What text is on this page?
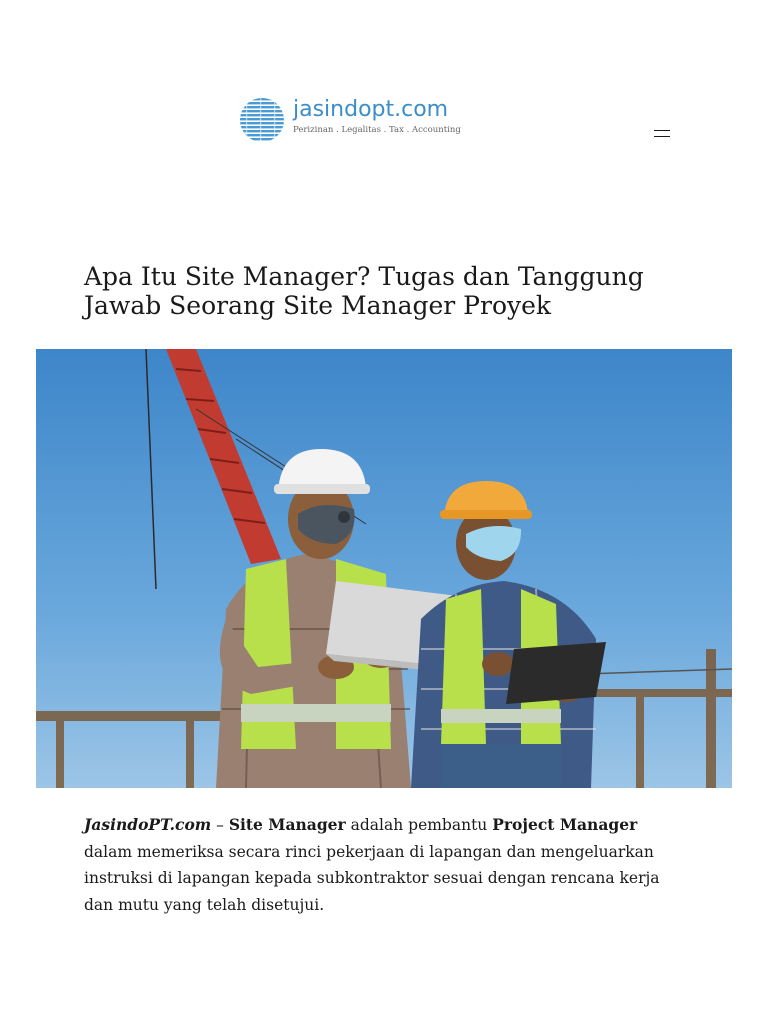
jasindopt.com
Perizinan . Legalitas . Tax . Accounting
Apa Itu Site Manager? Tugas dan Tanggung Jawab Seorang Site Manager Proyek

JasindoPT.com – Site Manager adalah pembantu Project Manager dalam memeriksa secara rinci pekerjaan di lapangan dan mengeluarkan instruksi di lapangan kepada subkontraktor sesuai dengan rencana kerja dan mutu yang telah disetujui.
